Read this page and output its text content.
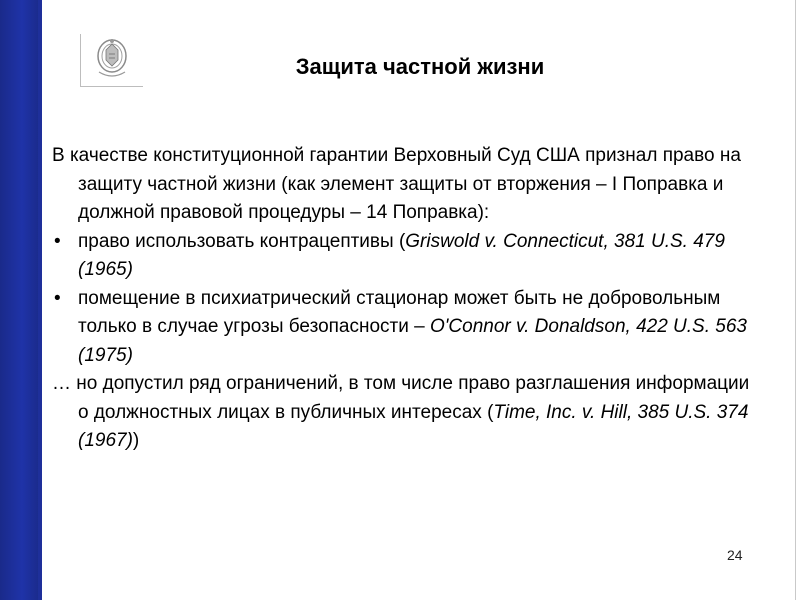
Защита частной жизни

В качестве конституционной гарантии Верховный Суд США признал право на защиту частной жизни (как элемент защиты от вторжения – I Поправка и должной правовой процедуры – 14 Поправка):

• право использовать контрацептивы (Griswold v. Connecticut, 381 U.S. 479 (1965)
• помещение в психиатрический стационар может быть не добровольным только в случае угрозы безопасности – O'Connor v. Donaldson, 422 U.S. 563 (1975)

… но допустил ряд ограничений, в том числе право разглашения информации о должностных лицах в публичных интересах (Time, Inc. v. Hill, 385 U.S. 374 (1967))

24
